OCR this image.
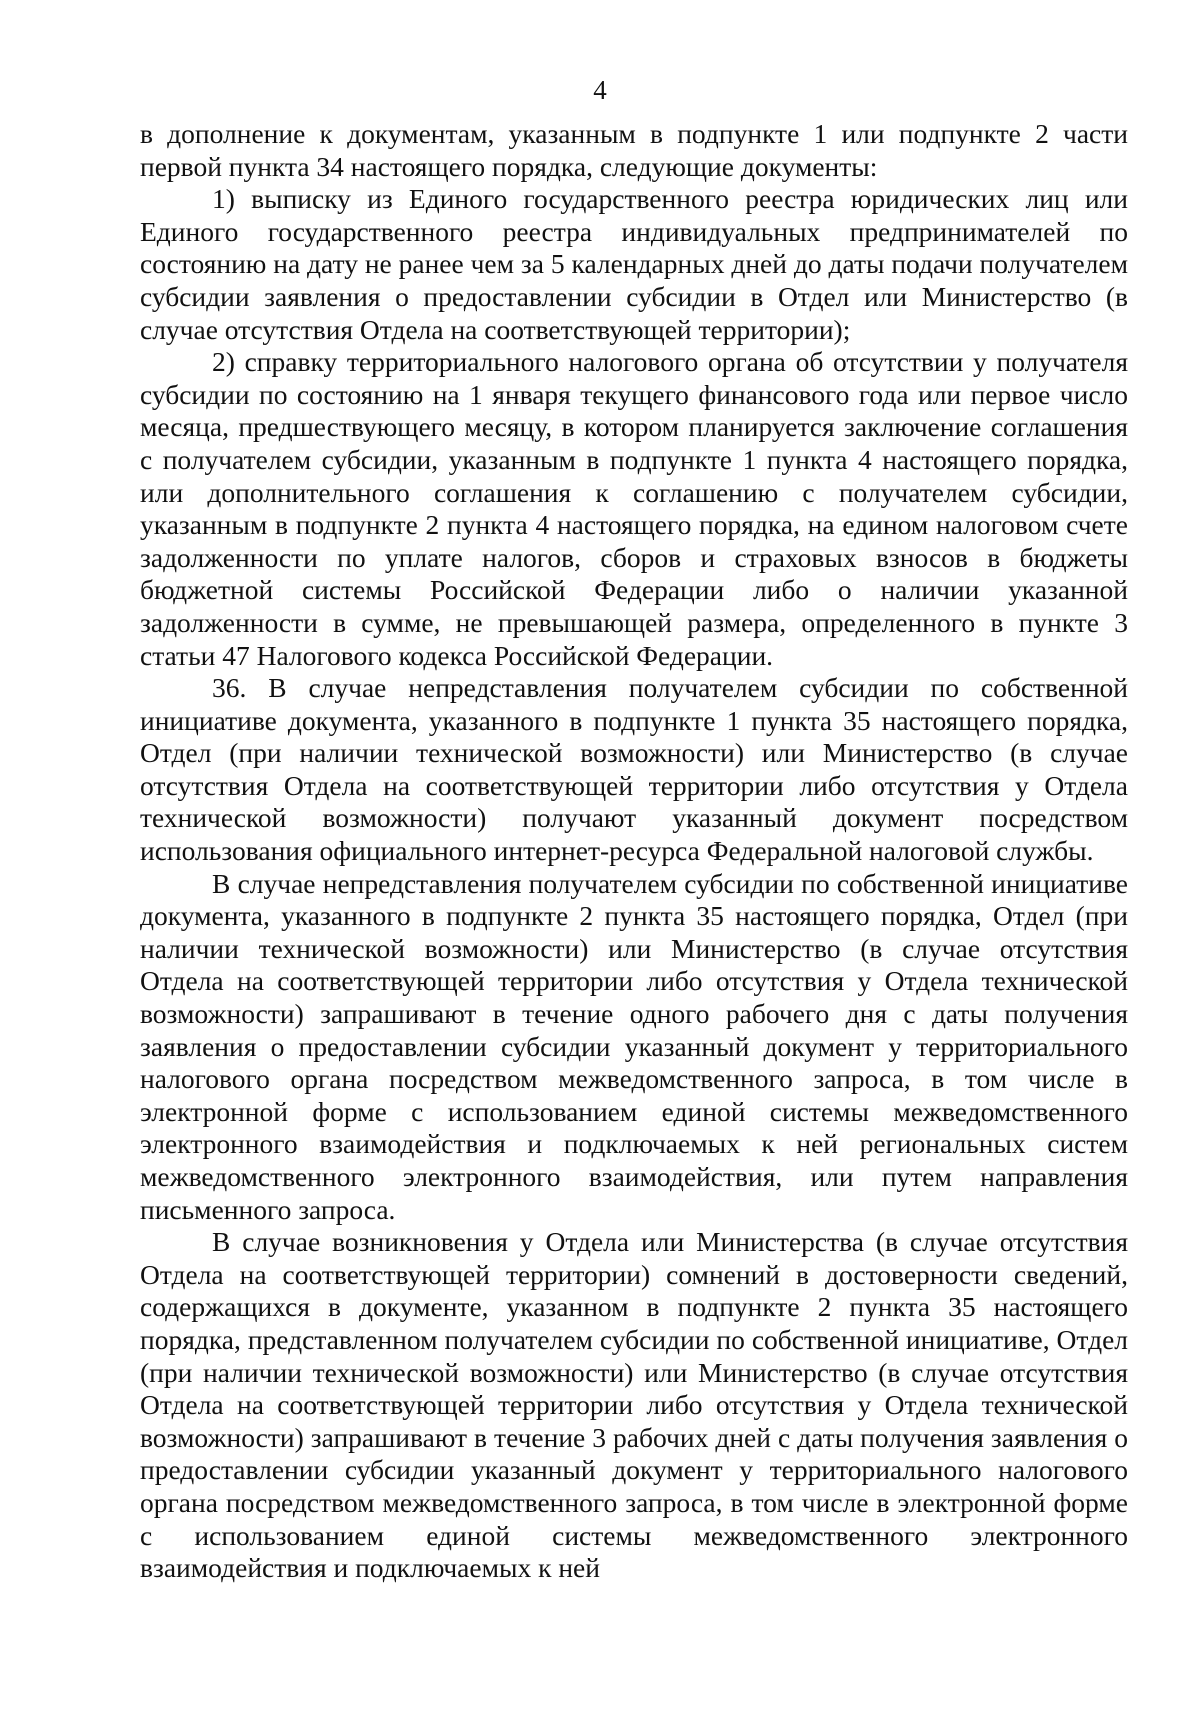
4

в дополнение к документам, указанным в подпункте 1 или подпункте 2 части первой пункта 34 настоящего порядка, следующие документы:

1) выписку из Единого государственного реестра юридических лиц или Единого государственного реестра индивидуальных предпринимателей по состоянию на дату не ранее чем за 5 календарных дней до даты подачи получателем субсидии заявления о предоставлении субсидии в Отдел или Министерство (в случае отсутствия Отдела на соответствующей территории);

2) справку территориального налогового органа об отсутствии у получателя субсидии по состоянию на 1 января текущего финансового года или первое число месяца, предшествующего месяцу, в котором планируется заключение соглашения с получателем субсидии, указанным в подпункте 1 пункта 4 настоящего порядка, или дополнительного соглашения к соглашению с получателем субсидии, указанным в подпункте 2 пункта 4 настоящего порядка, на едином налоговом счете задолженности по уплате налогов, сборов и страховых взносов в бюджеты бюджетной системы Российской Федерации либо о наличии указанной задолженности в сумме, не превышающей размера, определенного в пункте 3 статьи 47 Налогового кодекса Российской Федерации.

36. В случае непредставления получателем субсидии по собственной инициативе документа, указанного в подпункте 1 пункта 35 настоящего порядка, Отдел (при наличии технической возможности) или Министерство (в случае отсутствия Отдела на соответствующей территории либо отсутствия у Отдела технической возможности) получают указанный документ посредством использования официального интернет-ресурса Федеральной налоговой службы.

В случае непредставления получателем субсидии по собственной инициативе документа, указанного в подпункте 2 пункта 35 настоящего порядка, Отдел (при наличии технической возможности) или Министерство (в случае отсутствия Отдела на соответствующей территории либо отсутствия у Отдела технической возможности) запрашивают в течение одного рабочего дня с даты получения заявления о предоставлении субсидии указанный документ у территориального налогового органа посредством межведомственного запроса, в том числе в электронной форме с использованием единой системы межведомственного электронного взаимодействия и подключаемых к ней региональных систем межведомственного электронного взаимодействия, или путем направления письменного запроса.

В случае возникновения у Отдела или Министерства (в случае отсутствия Отдела на соответствующей территории) сомнений в достоверности сведений, содержащихся в документе, указанном в подпункте 2 пункта 35 настоящего порядка, представленном получателем субсидии по собственной инициативе, Отдел (при наличии технической возможности) или Министерство (в случае отсутствия Отдела на соответствующей территории либо отсутствия у Отдела технической возможности) запрашивают в течение 3 рабочих дней с даты получения заявления о предоставлении субсидии указанный документ у территориального налогового органа посредством межведомственного запроса, в том числе в электронной форме с использованием единой системы межведомственного электронного взаимодействия и подключаемых к ней
